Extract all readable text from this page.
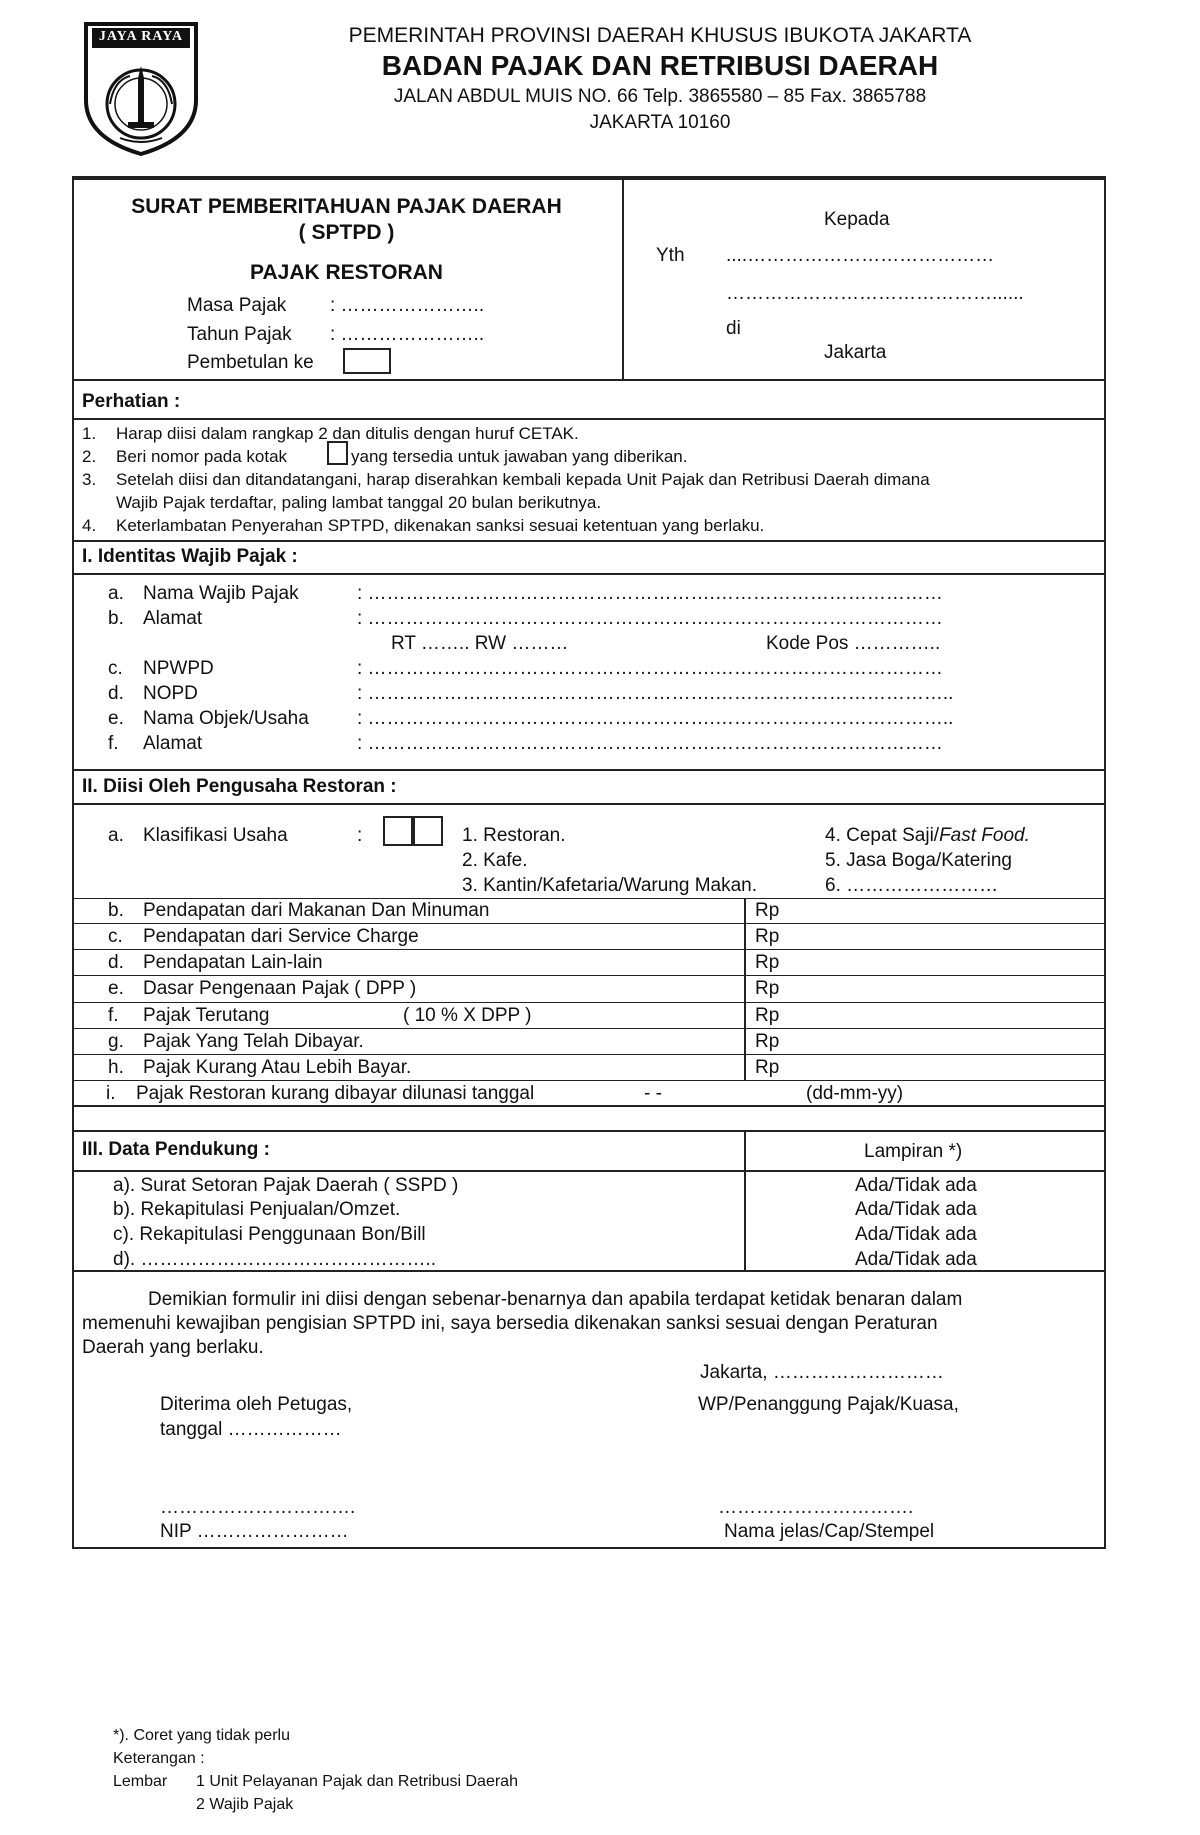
JAYA RAYA	PEMERINTAH PROVINSI DAERAH KHUSUS IBUKOTA JAKARTA
BADAN PAJAK DAN RETRIBUSI DAERAH
JALAN ABDUL MUIS NO. 66 Telp. 3865580 – 85 Fax. 3865788
JAKARTA 10160
SURAT PEMBERITAHUAN PAJAK DAERAH
( SPTPD )
PAJAK RESTORAN
Masa Pajak : …………………..
Tahun Pajak : …………………..
Pembetulan ke
Kepada
Yth ....…………………………………
……………………………………......
di
Jakarta
Perhatian :
1. Harap diisi dalam rangkap 2 dan ditulis dengan huruf CETAK.
2. Beri nomor pada kotak	yang tersedia untuk jawaban yang diberikan.
3. Setelah diisi dan ditandatangani, harap diserahkan kembali kepada Unit Pajak dan Retribusi Daerah dimana
Wajib Pajak terdaftar, paling lambat tanggal 20 bulan berikutnya.
4. Keterlambatan Penyerahan SPTPD, dikenakan sanksi sesuai ketentuan yang berlaku.
I. Identitas Wajib Pajak :
a. Nama Wajib Pajak	: ……………………………………………….………………………………
b. Alamat	: ……………………………………………….………………………………
RT …….. RW ………	Kode Pos …………..
c. NPWPD	: ……………………………………………….………………………………
d. NOPD	: ……………………………………………….………………………………..
e. Nama Objek/Usaha	: ……………………………………………….………………………………..
f. Alamat	: ……………………………………………….………………………………
II. Diisi Oleh Pengusaha Restoran :
a. Klasifikasi Usaha	:	1. Restoran.
2. Kafe.
3. Kantin/Kafetaria/Warung Makan.
4. Cepat Saji/Fast Food.
5. Jasa Boga/Katering
6. ……………………
b. Pendapatan dari Makanan Dan Minuman	Rp
c. Pendapatan dari Service Charge	Rp
d. Pendapatan Lain-lain	Rp
e. Dasar Pengenaan Pajak ( DPP )	Rp
f. Pajak Terutang	( 10 % X DPP )	Rp
g. Pajak Yang Telah Dibayar.	Rp
h. Pajak Kurang Atau Lebih Bayar.	Rp
i. Pajak Restoran kurang dibayar dilunasi tanggal	- -	(dd-mm-yy)
III. Data Pendukung :	Lampiran *)
a). Surat Setoran Pajak Daerah ( SSPD )	Ada/Tidak ada
b). Rekapitulasi Penjualan/Omzet.	Ada/Tidak ada
c). Rekapitulasi Penggunaan Bon/Bill	Ada/Tidak ada
d). ………………………………………..	Ada/Tidak ada
Demikian formulir ini diisi dengan sebenar-benarnya dan apabila terdapat ketidak benaran dalam
memenuhi kewajiban pengisian SPTPD ini, saya bersedia dikenakan sanksi sesuai dengan Peraturan
Daerah yang berlaku.
Jakarta, ………………………
Diterima oleh Petugas,	WP/Penanggung Pajak/Kuasa,
tanggal ………………
………………………….	………………………….
NIP ……………………	Nama jelas/Cap/Stempel
*). Coret yang tidak perlu
Keterangan :
Lembar 1 Unit Pelayanan Pajak dan Retribusi Daerah
2 Wajib Pajak
